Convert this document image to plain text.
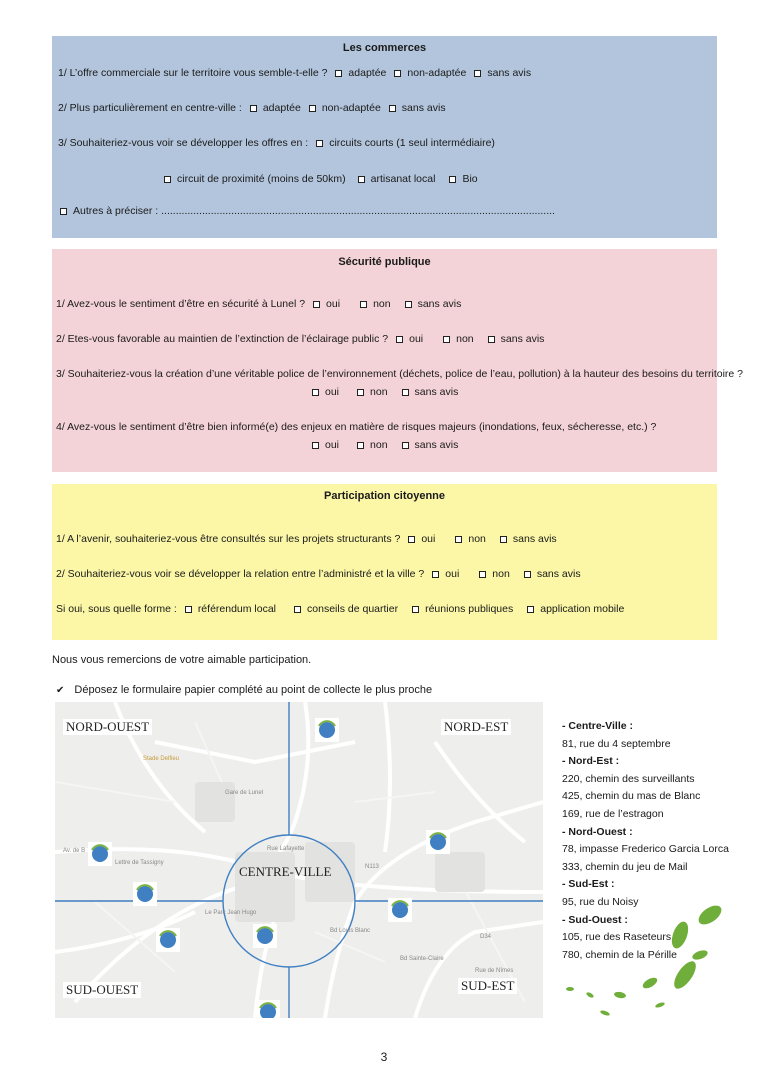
Les commerces
1/ L’offre commerciale sur le territoire vous semble-t-elle ? adaptée non-adaptée sans avis
2/ Plus particulièrement en centre-ville : adaptée non-adaptée sans avis
3/ Souhaiteriez-vous voir se développer les offres en : circuits courts (1 seul intermédiaire)
circuit de proximité (moins de 50km) artisanat local	Bio
Autres à préciser : .......................................................................................................................................
Sécurité publique
1/ Avez-vous le sentiment d’être en sécurité à Lunel ? oui	non	sans avis
2/ Etes-vous favorable au maintien de l’extinction de l’éclairage public ? oui	non	sans avis
3/ Souhaiteriez-vous la création d’une véritable police de l’environnement (déchets, police de l’eau, pollution) à la hauteur des besoins du territoire ?
oui	non	sans avis
4/ Avez-vous le sentiment d’être bien informé(e) des enjeux en matière de risques majeurs (inondations, feux, sécheresse, etc.) ?
oui	non	sans avis
Participation citoyenne
1/ A l’avenir, souhaiteriez-vous être consultés sur les projets structurants ? oui	non	sans avis
2/ Souhaiteriez-vous voir se développer la relation entre l’administré et la ville ? oui	non	sans avis
Si oui, sous quelle forme : référendum local	conseils de quartier	réunions publiques	application mobile
Nous vous remercions de votre aimable participation.
✔ Déposez le formulaire papier complété au point de collecte le plus proche
Stade Delfieu
Av. de B
Lettre de Tassigny
Gare de Lunel
Bd Louis Blanc
Bd Sainte-Claire
Rue Lafayette
N113
D34
Rue de Nîmes
Le Parc Jean Hugo
NORD-OUEST	NORD-EST
CENTRE-VILLE
SUD-OUEST	SUD-EST
- Centre-Ville :
81, rue du 4 septembre
- Nord-Est :
220, chemin des surveillants
425, chemin du mas de Blanc
169, rue de l’estragon
- Nord-Ouest :
78, impasse Frederico Garcia Lorca
333, chemin du jeu de Mail
- Sud-Est :
95, rue du Noisy
- Sud-Ouest :
105, rue des Raseteurs
780, chemin de la Pérille
3
